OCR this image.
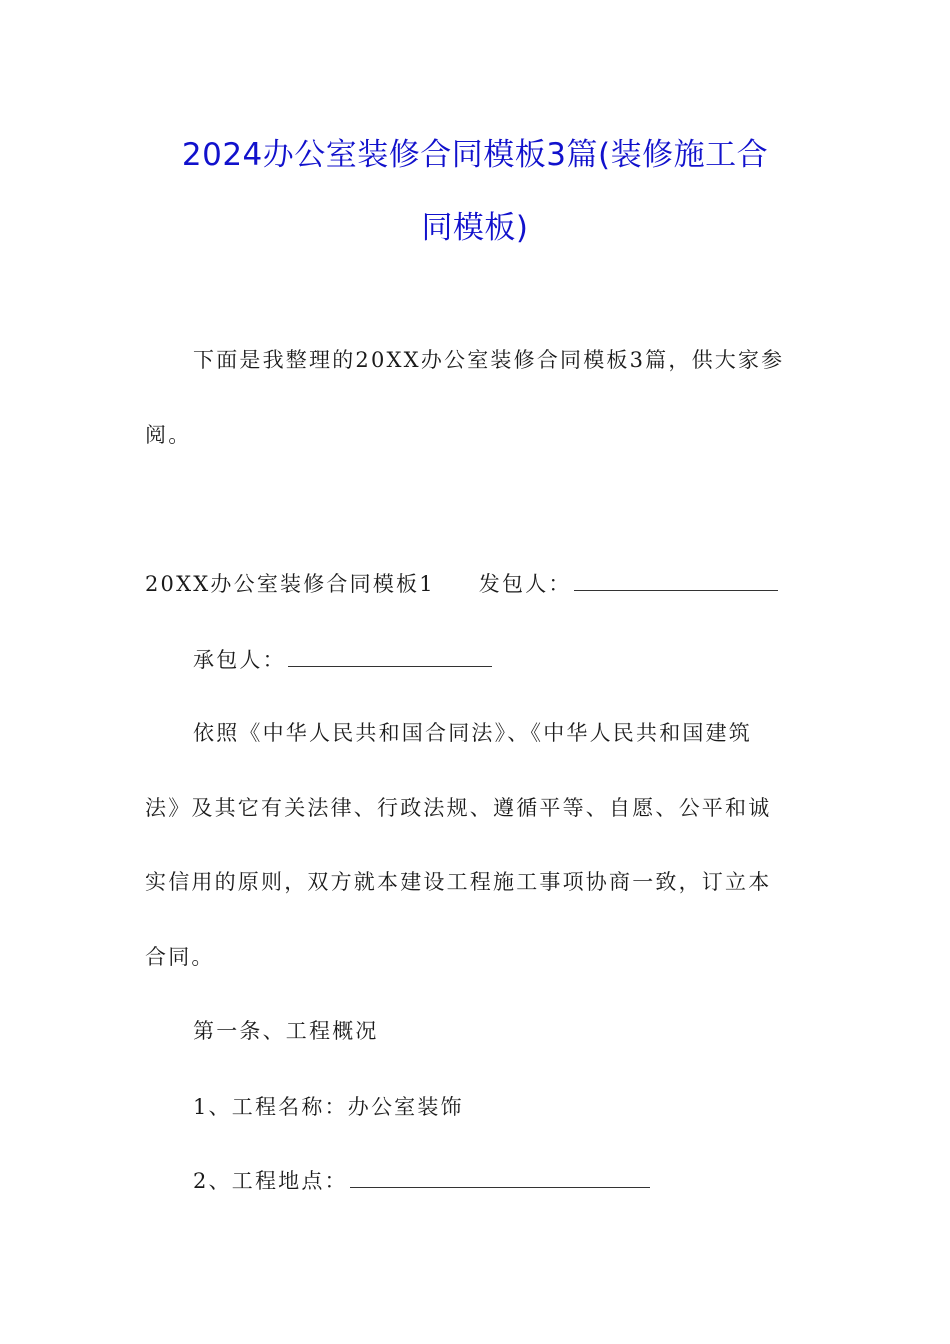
2024办公室装修合同模板3篇(装修施工合
同模板)
下面是我整理的20XX办公室装修合同模板3篇，供大家参
阅。
20XX办公室装修合同模板1 发包人：
承包人：
依照《中华人民共和国合同法》、《中华人民共和国建筑
法》及其它有关法律、行政法规、遵循平等、自愿、公平和诚
实信用的原则，双方就本建设工程施工事项协商一致，订立本
合同。
第一条、工程概况
1、工程名称：办公室装饰
2、工程地点：
